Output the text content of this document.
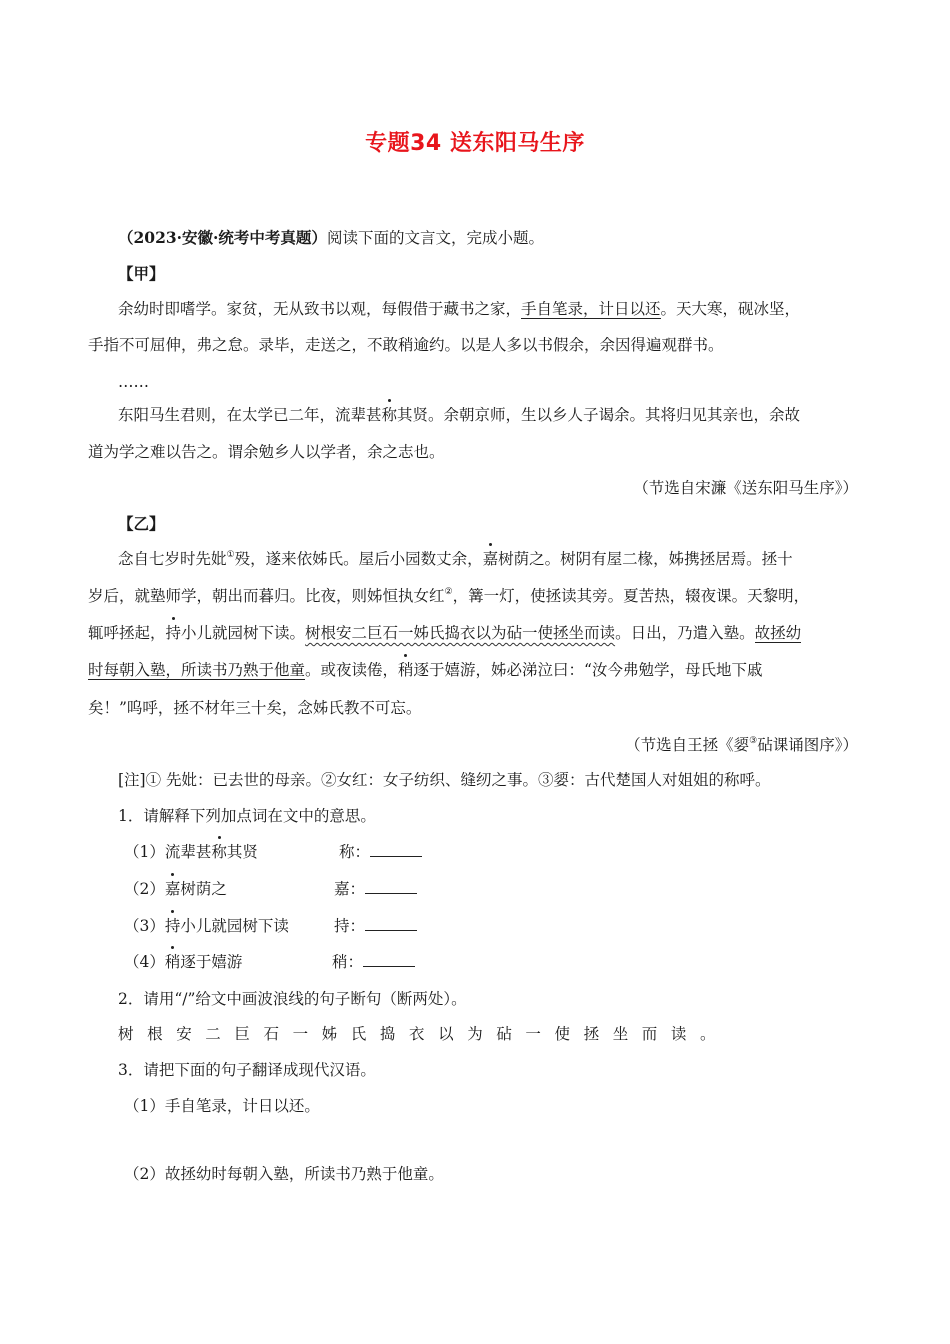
专题34 送东阳马生序
（2023·安徽·统考中考真题）阅读下面的文言文，完成小题。
【甲】
余幼时即嗜学。家贫，无从致书以观，每假借于藏书之家，手自笔录，计日以还。天大寒，砚冰坚，
手指不可屈伸，弗之怠。录毕，走送之，不敢稍逾约。以是人多以书假余，余因得遍观群书。
……
东阳马生君则，在太学已二年，流辈甚称其贤。余朝京师，生以乡人子谒余。其将归见其亲也，余故
道为学之难以告之。谓余勉乡人以学者，余之志也。
（节选自宋濂《送东阳马生序》）
【乙】
念自七岁时先妣①殁，遂来依姊氏。屋后小园数丈余，嘉树荫之。树阴有屋二椽，姊携拯居焉。拯十
岁后，就塾师学，朝出而暮归。比夜，则姊恒执女红②，篝一灯，使拯读其旁。夏苦热，辍夜课。天黎明，
辄呼拯起，持小儿就园树下读。树根安二巨石一姊氏捣衣以为砧一使拯坐而读。日出，乃遣入塾。故拯幼
时每朝入塾，所读书乃熟于他童。或夜读倦，稍逐于嬉游，姊必涕泣曰：“汝今弗勉学，母氏地下戚
矣！”呜呼，拯不材年三十矣，念姊氏教不可忘。
（节选自王拯《媭③砧课诵图序》）
[注]① 先妣：已去世的母亲。②女红：女子纺织、缝纫之事。③媭：古代楚国人对姐姐的称呼。
1．请解释下列加点词在文中的意思。
（1）流辈甚称其贤	称：
（2）嘉树荫之	嘉：
（3）持小儿就园树下读	持：
（4）稍逐于嬉游	稍：
2．请用“/”给文中画波浪线的句子断句（断两处）。
树根安二巨石一姊氏捣衣以为砧一使拯坐而读。
3．请把下面的句子翻译成现代汉语。
（1）手自笔录，计日以还。
（2）故拯幼时每朝入塾，所读书乃熟于他童。
